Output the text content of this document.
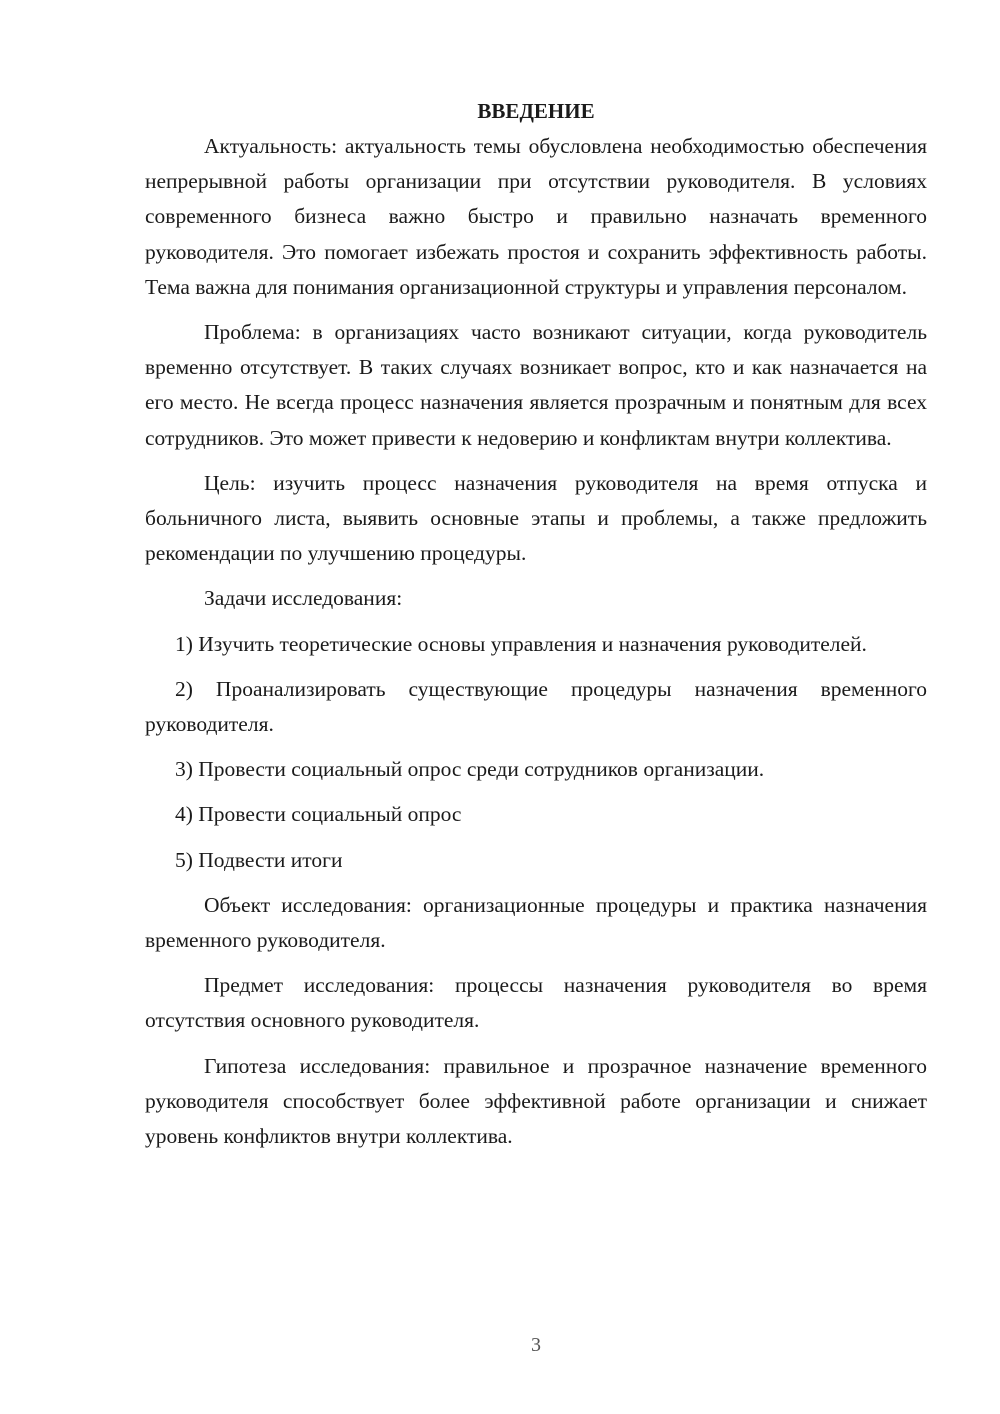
ВВЕДЕНИЕ

Актуальность: актуальность темы обусловлена необходимостью обеспечения непрерывной работы организации при отсутствии руководителя. В условиях современного бизнеса важно быстро и правильно назначать временного руководителя. Это помогает избежать простоя и сохранить эффективность работы. Тема важна для понимания организационной структуры и управления персоналом.

Проблема: в организациях часто возникают ситуации, когда руководитель временно отсутствует. В таких случаях возникает вопрос, кто и как назначается на его место. Не всегда процесс назначения является прозрачным и понятным для всех сотрудников. Это может привести к недоверию и конфликтам внутри коллектива.

Цель: изучить процесс назначения руководителя на время отпуска и больничного листа, выявить основные этапы и проблемы, а также предложить рекомендации по улучшению процедуры.

Задачи исследования:

1) Изучить теоретические основы управления и назначения руководителей.

2) Проанализировать существующие процедуры назначения временного руководителя.

3) Провести социальный опрос среди сотрудников организации.

4) Провести социальный опрос

5) Подвести итоги

Объект исследования: организационные процедуры и практика назначения временного руководителя.

Предмет исследования: процессы назначения руководителя во время отсутствия основного руководителя.

Гипотеза исследования: правильное и прозрачное назначение временного руководителя способствует более эффективной работе организации и снижает уровень конфликтов внутри коллектива.

3
